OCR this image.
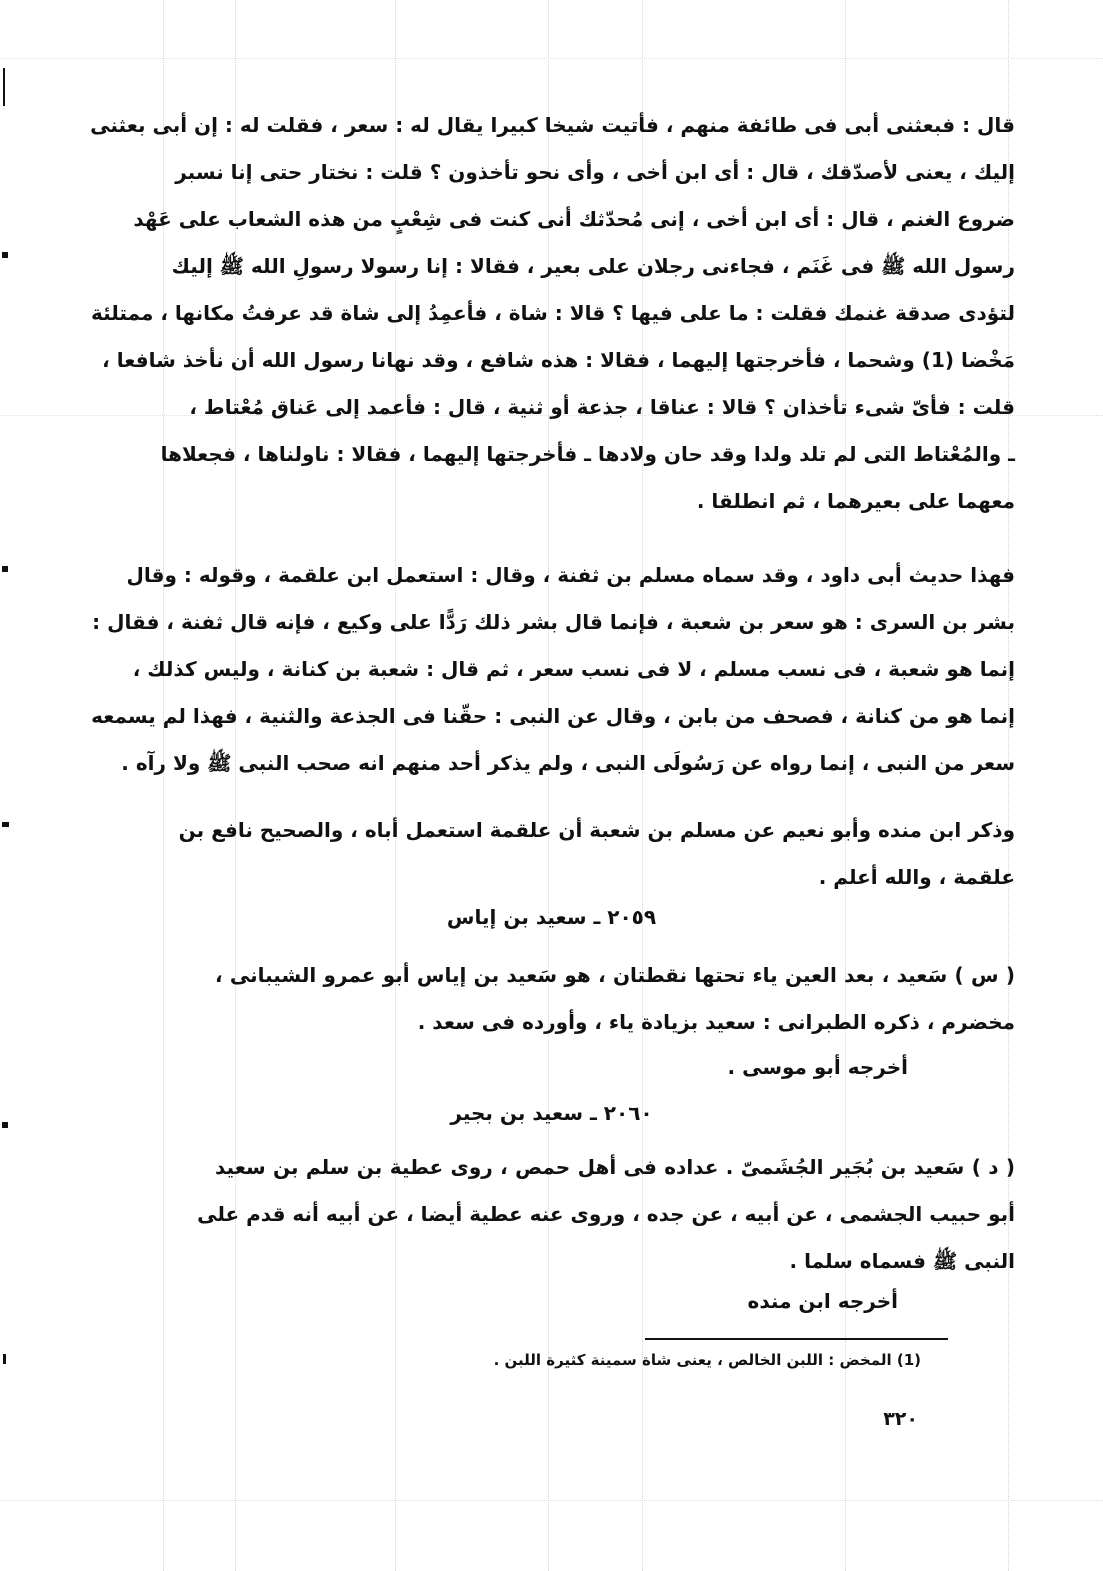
قال : فبعثنى أبى فى طائفة منهم ، فأتيت شيخا كبيرا يقال له : سعر ، فقلت له : إن أبى بعثنى
إليك ، يعنى لأصدّقك ، قال : أى ابن أخى ، وأى نحو تأخذون ؟ قلت : نختار حتى إنا نسبر
ضروع الغنم ، قال : أى ابن أخى ، إنى مُحدّثك أنى كنت فى شِعْبٍ من هذه الشعاب على عَهْد
رسول الله ﷺ فى غَنَم ، فجاءنى رجلان على بعير ، فقالا : إنا رسولا رسولِ الله ﷺ إليك
لتؤدى صدقة غنمك فقلت : ما على فيها ؟ قالا : شاة ، فأعمِدُ إلى شاة قد عرفتُ مكانها ، ممتلئة
مَخْضا (1) وشحما ، فأخرجتها إليهما ، فقالا : هذه شافع ، وقد نهانا رسول الله أن نأخذ شافعا ،
قلت : فأىّ شىء تأخذان ؟ قالا : عناقا ، جذعة أو ثنية ، قال : فأعمد إلى عَناق مُعْتاط ،
ـ والمُعْتاط التى لم تلد ولدا وقد حان ولادها ـ فأخرجتها إليهما ، فقالا : ناولناها ، فجعلاها
معهما على بعيرهما ، ثم انطلقا .
فهذا حديث أبى داود ، وقد سماه مسلم بن ثفنة ، وقال : استعمل ابن علقمة ، وقوله : وقال
بشر بن السرى : هو سعر بن شعبة ، فإنما قال بشر ذلك رَدًّا على وكيع ، فإنه قال ثفنة ، فقال :
إنما هو شعبة ، فى نسب مسلم ، لا فى نسب سعر ، ثم قال : شعبة بن كنانة ، وليس كذلك ،
إنما هو من كنانة ، فصحف من بابن ، وقال عن النبى : حقّنا فى الجذعة والثنية ، فهذا لم يسمعه
سعر من النبى ، إنما رواه عن رَسُولَى النبى ، ولم يذكر أحد منهم انه صحب النبى ﷺ ولا رآه .
وذكر ابن منده وأبو نعيم عن مسلم بن شعبة أن علقمة استعمل أباه ، والصحيح نافع بن
علقمة ، والله أعلم .
٢٠٥٩ ـ سعيد بن إياس
( س ) سَعيد ، بعد العين ياء تحتها نقطتان ، هو سَعيد بن إياس أبو عمرو الشيبانى ،
مخضرم ، ذكره الطبرانى : سعيد بزيادة ياء ، وأورده فى سعد .
أخرجه أبو موسى .
٢٠٦٠ ـ سعيد بن بجير
( د ) سَعيد بن بُجَير الجُشَمىّ . عداده فى أهل حمص ، روى عطية بن سلم بن سعيد
أبو حبيب الجشمى ، عن أبيه ، عن جده ، وروى عنه عطية أيضا ، عن أبيه أنه قدم على
النبى ﷺ فسماه سلما .
أخرجه ابن منده
(1) المخض : اللبن الخالص ، يعنى شاة سمينة كثيرة اللبن .
٣٢٠
